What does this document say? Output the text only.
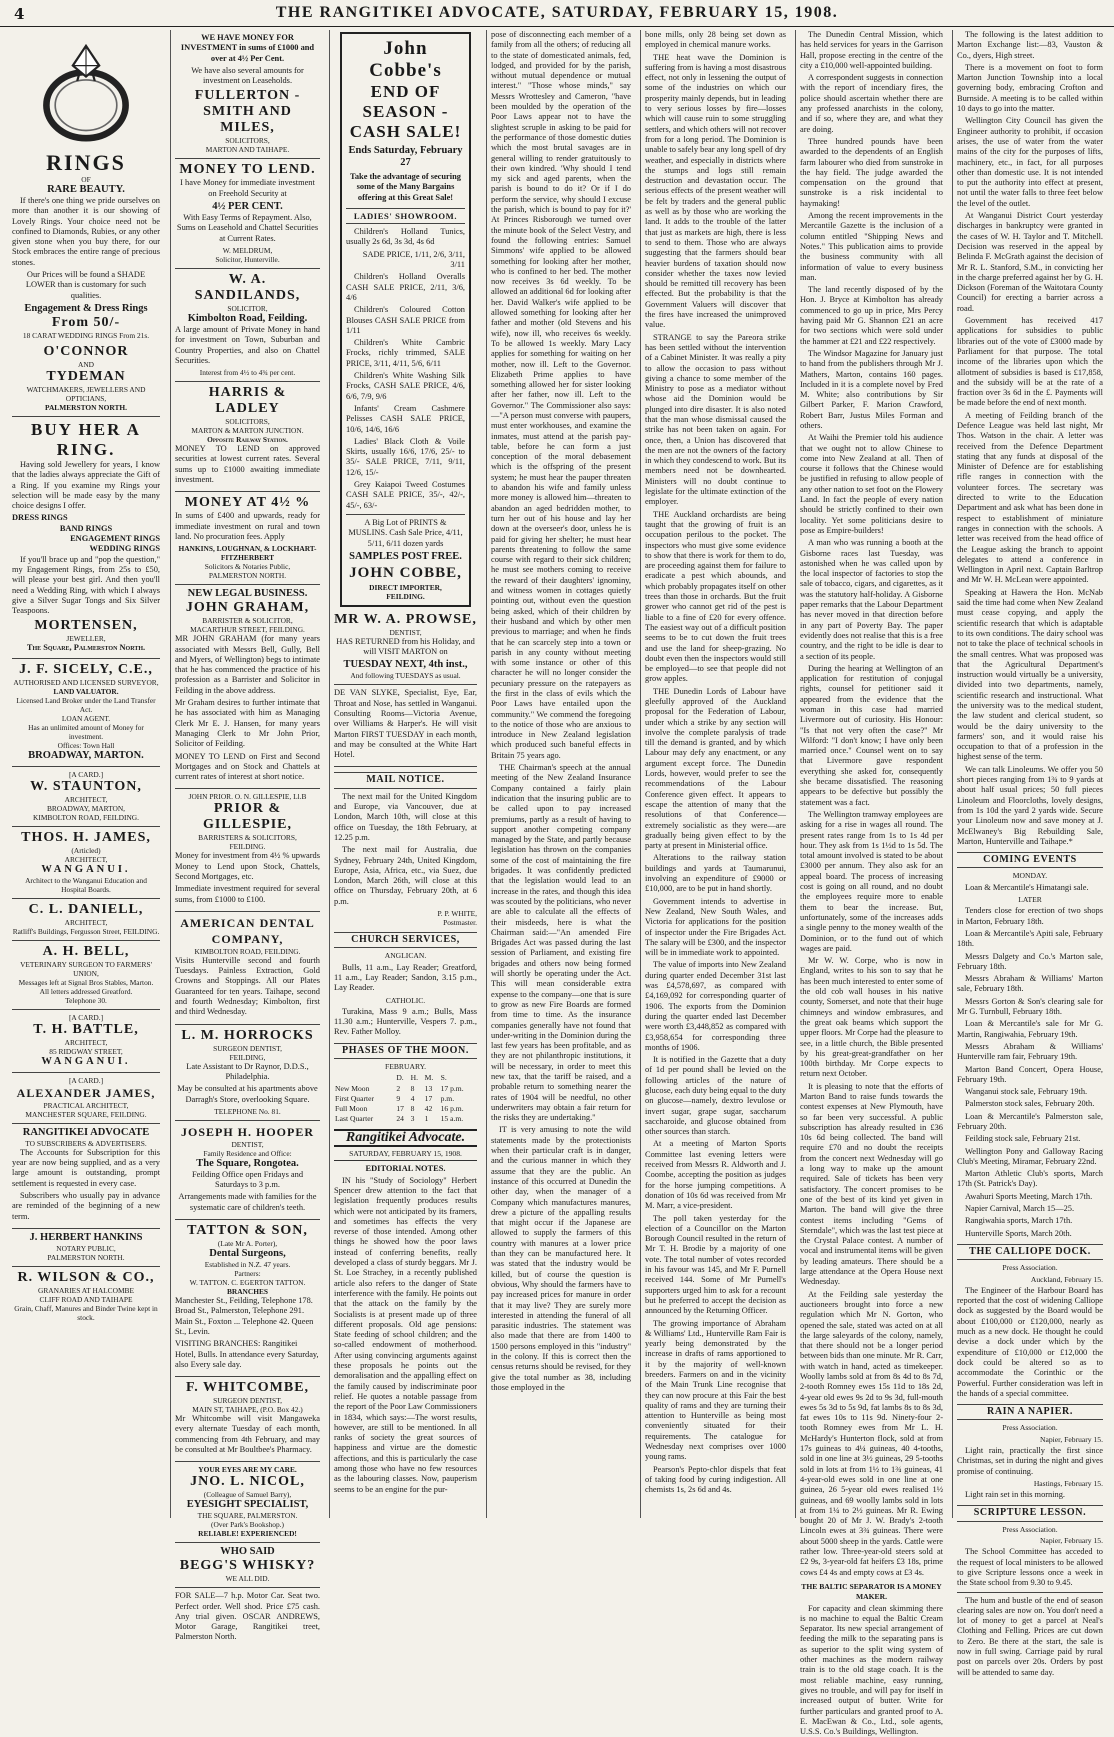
4	THE RANGITIKEI ADVOCATE, SATURDAY, FEBRUARY 15, 1908.
RINGS
OF
RARE BEAUTY.

If there's one thing we pride ourselves on more than another it is our showing of Lovely Rings. Your choice need not be confined to Diamonds, Rubies, or any other given stone when you buy there, for our Stock embraces the entire range of precious stones.

Our Prices will be found a SHADE LOWER than is customary for such qualities.

Engagement & Dress Rings
From 50/-
18 CARAT WEDDING RINGS From 21s.
O'CONNOR
AND
TYDEMAN
WATCHMAKERS, JEWELLERS AND OPTICIANS,
PALMERSTON NORTH.
BUY HER A RING.

Having sold Jewellery for years, I know that the ladies always appreciate the Gift of a Ring. If you examine my Rings your selection will be made easy by the many choice designs I offer.

DRESS RINGS
BAND RINGS
ENGAGEMENT RINGS
WEDDING RINGS

If you'll brace up and "pop the question," my Engagement Rings, from 25s to £50, will please your best girl. And then you'll need a Wedding Ring, with which I always give a Silver Sugar Tongs and Six Silver Teaspoons.

MORTENSEN,
JEWELLER,
The Square, Palmerston North.
J. F. SICELY, C.E.,
AUTHORISED AND LICENSED SURVEYOR,
LAND VALUATOR.
Licensed Land Broker under the Land Transfer Act.
LOAN AGENT.
Has an unlimited amount of Money for investment.
Offices: Town Hall
BROADWAY, MARTON.
[A CARD.]
W. STAUNTON,
ARCHITECT,
BROADWAY, MARTON,
KIMBOLTON ROAD, FEILDING.
THOS. H. JAMES,
(Articled)
ARCHITECT,
WANGANUI.
Architect to the Wanganui Education and Hospital Boards.
C. L. DANIELL,
ARCHITECT,
Ratliff's Buildings, Fergusson Street, FEILDING.
A. H. BELL,
VETERINARY SURGEON TO FARMERS' UNION,
Messages left at Signal Bros Stables, Marton.
All letters addressed Greatford.
Telephone 30.
[A CARD.]
T. H. BATTLE,
ARCHITECT,
85 RIDGWAY STREET,
WANGANUI.
[A CARD.]
ALEXANDER JAMES,
PRACTICAL ARCHITECT,
MANCHESTER SQUARE, FEILDING.
RANGITIKEI ADVOCATE
TO SUBSCRIBERS & ADVERTISERS.

The Accounts for Subscription for this year are now being supplied, and as a very large amount is outstanding, prompt settlement is requested in every case.

Subscribers who usually pay in advance are reminded of the beginning of a new term.

J. HERBERT HANKINS
NOTARY PUBLIC,
PALMERSTON NORTH.
R. WILSON & CO.,
GRANARIES AT HALCOMBE
CLIFF ROAD AND TAIHAPE
Grain, Chaff, Manures and Binder Twine kept in stock.

WE HAVE MONEY FOR INVESTMENT in sums of £1000 and over at 4½ Per Cent.

We have also several amounts for investment on Leaseholds.

FULLERTON - SMITH AND MILES,
SOLICITORS,
MARTON AND TAIHAPE.
MONEY TO LEND.

I have Money for immediate investment on Freehold Security at

4½ PER CENT.

With Easy Terms of Repayment. Also, Sums on Leasehold and Chattel Securities at Current Rates.

W. MELDRUM,
Solicitor, Hunterville.
W. A. SANDILANDS,
SOLICITOR,
Kimbolton Road, Feilding.

A large amount of Private Money in hand for investment on Town, Suburban and Country Properties, and also on Chattel Securities.

Interest from 4½ to 4¾ per cent.
HARRIS & LADLEY
SOLICITORS,
MARTON & MARTON JUNCTION.
Opposite Railway Station.

MONEY TO LEND on approved securities at lowest current rates. Several sums up to £1000 awaiting immediate investment.

MONEY AT 4½ %

In sums of £400 and upwards, ready for immediate investment on rural and town land. No procuration fees. Apply

HANKINS, LOUGHNAN, & LOCKHART-FITZHERBERT
Solicitors & Notaries Public,
PALMERSTON NORTH.
NEW LEGAL BUSINESS.
JOHN GRAHAM,
BARRISTER & SOLICITOR,
MACARTHUR STREET, FEILDING.

MR JOHN GRAHAM (for many years associated with Messrs Bell, Gully, Bell and Myers, of Wellington) begs to intimate that he has commenced the practice of his profession as a Barrister and Solicitor in Feilding in the above address.

Mr Graham desires to further intimate that he has associated with him as Managing Clerk Mr E. J. Hansen, for many years Managing Clerk to Mr John Prior, Solicitor of Feilding.

MONEY TO LEND on First and Second Mortgages and on Stock and Chattels at current rates of interest at short notice.

JOHN PRIOR. O. N. GILLESPIE, Ll.B
PRIOR & GILLESPIE,
BARRISTERS & SOLICITORS,
FEILDING.

Money for investment from 4½ % upwards Money to Lend upon Stock, Chattels, Second Mortgages, etc.

Immediate investment required for several sums, from £1000 to £100.

AMERICAN DENTAL COMPANY,
KIMBOLTON ROAD, FEILDING.

Visits Hunterville second and fourth Tuesdays. Painless Extraction, Gold Crowns and Stoppings. All our Plates Guaranteed for ten years. Taihape, second and fourth Wednesday; Kimbolton, first and third Wednesday.

L. M. HORROCKS
SURGEON DENTIST,
FEILDING,

Late Assistant to Dr Raynor, D.D.S., Philadelphia.

May be consulted at his apartments above Darragh's Store, overlooking Square.

TELEPHONE No. 81.
JOSEPH H. HOOPER
DENTIST,
Family Residence and Office:
The Square, Rongotea.

Feilding Office open Fridays and Saturdays to 3 p.m.

Arrangements made with families for the systematic care of children's teeth.

TATTON & SON,
(Late Mr A. Porter),
Dental Surgeons,
Established in N.Z. 47 years.
Partners:
W. TATTON. C. EGERTON TATTON.
BRANCHES

Manchester St., Feilding, Telephone 178. Broad St., Palmerston, Telephone 291. Main St., Foxton ... Telephone 42. Queen St., Levin.

VISITING BRANCHES: Rangitikei Hotel, Bulls. In attendance every Saturday, also Every sale day.

F. WHITCOMBE,
SURGEON DENTIST,
MAIN ST, TAIHAPE, (P.O. Box 42.)

Mr Whitcombe will visit Mangaweka every alternate Tuesday of each month, commencing from 4th February, and may be consulted at Mr Boultbee's Pharmacy.

YOUR EYES ARE MY CARE.
JNO. L. NICOL,
(Colleague of Samuel Barry),
EYESIGHT SPECIALIST,
THE SQUARE, PALMERSTON.
(Over Park's Bookshop.)
RELIABLE! EXPERIENCED!
WHO SAID
BEGG'S WHISKY?
WE ALL DID.

FOR SALE—7 h.p. Motor Car. Seat two. Perfect order. Well shod. Price £75 cash. Any trial given. OSCAR ANDREWS, Motor Garage, Rangitikei treet, Palmerston North.

John Cobbe's
END OF
SEASON -
CASH SALE!
Ends Saturday, February 27

Take the advantage of securing some of the Many Bargains offering at this Great Sale!

LADIES' SHOWROOM.

Children's Holland Tunics, usually 2s 6d, 3s 3d, 4s 6d

SADE PRICE, 1/11, 2/6, 3/11, 3/11

Children's Holland Overalls CASH SALE PRICE, 2/11, 3/6, 4/6

Children's Coloured Cotton Blouses CASH SALE PRICE from 1/11

Children's White Cambric Frocks, richly trimmed, SALE PRICE, 3/11, 4/11, 5/6, 6/11

Children's White Washing Silk Frocks, CASH SALE PRICE, 4/6, 6/6, 7/9, 9/6

Infants' Cream Cashmere Pelisses CASH SALE PRICE, 10/6, 14/6, 16/6

Ladies' Black Cloth & Voile Skirts, usually 16/6, 17/6, 25/- to 35/- SALE PRICE, 7/11, 9/11, 12/6, 15/-

Grey Kaiapoi Tweed Costumes CASH SALE PRICE, 35/-, 42/-, 45/-, 63/-

A Big Lot of PRINTS & MUSLINS. Cash Sale Price, 4/11, 5/11, 6/11 dozen yards

SAMPLES POST FREE.
JOHN COBBE,
DIRECT IMPORTER,
FEILDING.
MR W. A. PROWSE,
DENTIST,

HAS RETURNED from his Holiday, and will VISIT MARTON on

TUESDAY NEXT, 4th inst.,
And following TUESDAYS as usual.

DE VAN SLYKE, Specialist, Eye, Ear, Throat and Nose, has settled in Wanganui. Consulting Rooms—Victoria Avenue, over Williams & Harper's. He will visit Marton FIRST TUESDAY in each month, and may be consulted at the White Hart Hotel.

MAIL NOTICE.

The next mail for the United Kingdom and Europe, via Vancouver, due at London, March 10th, will close at this office on Tuesday, the 18th February, at 12.25 p.m.

The next mail for Australia, due Sydney, February 24th, United Kingdom, Europe, Asia, Africa, etc., via Suez, due London, March 26th, will close at this office on Thursday, February 20th, at 6 p.m.

P. P. WHITE,
Postmaster.
CHURCH SERVICES,
ANGLICAN.

Bulls, 11 a.m., Lay Reader; Greatford, 11 a.m., Lay Reader; Sandon, 3.15 p.m., Lay Reader.

CATHOLIC.

Turakina, Mass 9 a.m.; Bulls, Mass 11.30 a.m.; Hunterville, Vespers 7. p.m., Rev. Father Molloy.

PHASES OF THE MOON.
FEBRUARY.
	D.	H.	M.	S.
New Moon	2	8	13	17 p.m.
First Quarter	9	4	17	p.m.
Full Moon	17	8	42	16 p.m.
Last Quarter	24	3	1	15 a.m.
Rangitikei Advocate.
SATURDAY, FEBRUARY 15, 1908.
EDITORIAL NOTES.

IN his "Study of Sociology" Herbert Spencer drew attention to the fact that legislation frequently produces results which were not anticipated by its framers, and sometimes has effects the very reverse of those intended. Among other things he showed how the poor laws instead of conferring benefits, really developed a class of sturdy beggars. Mr J. St. Loe Strachey, in a recently published article also refers to the danger of State interference with the family. He points out that the attack on the family by the Socialists is at present made up of three different proposals. Old age pensions: State feeding of school children; and the so-called endowment of motherhood. After using convincing arguments against these proposals he points out the demoralisation and the appalling effect on the family caused by indiscriminate poor relief. He quotes a notable passage from the report of the Poor Law Commissioners in 1834, which says:—The worst results, however, are still to be mentioned. In all ranks of society the great sources of happiness and virtue are the domestic affections, and this is particularly the case among those who have no few resources as the labouring classes. Now, pauperism seems to be an engine for the pur-

pose of disconnecting each member of a family from all the others; of reducing all to the state of domesticated animals, fed, lodged, and provided for by the parish, without mutual dependence or mutual interest." "Those whose minds," say Messrs Wrottesley and Cameron, "have been moulded by the operation of the Poor Laws appear not to have the slightest scruple in asking to be paid for the performance of those domestic duties which the most brutal savages are in general willing to render gratuitously to their own kindred. 'Why should I tend my sick and aged parents, when the parish is bound to do it? Or if I do perform the service, why should I excuse the parish, which is bound to pay for it?' At Princes Risborough we turned over the minute book of the Select Vestry, and found the following entries: Samuel Simmons' wife applied to be allowed something for looking after her mother, who is confined to her bed. The mother now receives 3s 6d weekly. To be allowed an additional 6d for looking after her. David Walker's wife applied to be allowed something for looking after her father and mother (old Stevens and his wife), now ill, who receives 6s weekly. To be allowed 1s weekly. Mary Lacy applies for something for waiting on her mother, now ill. Left to the Governor. Elizabeth Prime applies to have something allowed her for sister looking after her father, now ill. Left to the Governor." The Commissioner also says:—"A person must converse with paupers, must enter workhouses, and examine the inmates, must attend at the parish pay-table, before he can form a just conception of the moral debasement which is the offspring of the present system; he must hear the pauper threaten to abandon his wife and family unless more money is allowed him—threaten to abandon an aged bedridden mother, to turn her out of his house and lay her down at the overseer's door, unless he is paid for giving her shelter; he must hear parents threatening to follow the same course with regard to their sick children; he must see mothers coming to receive the reward of their daughters' ignominy, and witness women in cottages quietly pointing out, without even the question being asked, which of their children by their husband and which by other men previous to marriage; and when he finds that he can scarcely step into a town or parish in any county without meeting with some instance or other of this character he will no longer consider the pecuniary pressure on the ratepayers as the first in the class of evils which the Poor Laws have entailed upon the community." We commend the foregoing to the notice of those who are anxious to introduce in New Zealand legislation which produced such baneful effects in Britain 75 years ago.

THE Chairman's speech at the annual meeting of the New Zealand Insurance Company contained a fairly plain indication that the insuring public are to be called upon to pay increased premiums, partly as a result of having to support another competing company managed by the State, and partly because legislation has thrown on the companies some of the cost of maintaining the fire brigades. It was confidently predicted that the legislation would lead to an increase in the rates, and though this idea was scouted by the politicians, who never are able to calculate all the effects of their misdeeds, here is what the Chairman said:—"An amended Fire Brigades Act was passed during the last session of Parliament, and existing fire brigades and others now being formed will shortly be operating under the Act. This will mean considerable extra expense to the company—one that is sure to grow as new Fire Boards are formed from time to time. As the insurance companies generally have not found that under-writing in the Dominion during the last few years has been profitable, and as they are not philanthropic institutions, it will be necessary, in order to meet this new tax, that the tariff be raised, and a probable return to something nearer the rates of 1904 will be needful, no other underwriters may obtain a fair return for the risks they are undertaking."

IT is very amusing to note the wild statements made by the protectionists when their particular craft is in danger, and the curious manner in which they assume that they are the public. An instance of this occurred at Dunedin the other day, when the manager of a Company which manufactures manures, drew a picture of the appalling results that might occur if the Japanese are allowed to supply the farmers of this country with manures at a lower price than they can be manufactured here. It was stated that the industry would be killed, but of course the question is obvious, Why should the farmers have to pay increased prices for manure in order that it may live? They are surely more interested in attending the funeral of all parasitic industries. The statement was also made that there are from 1400 to 1500 persons employed in this "industry" in the colony. If this is correct then the census returns should be revised, for they give the total number as 38, including those employed in the

bone mills, only 28 being set down as employed in chemical manure works.

THE heat wave the Dominion is suffering from is having a most disastrous effect, not only in lessening the output of some of the industries on which our prosperity mainly depends, but in leading to very serious losses by fire—losses which will cause ruin to some struggling settlers, and which others will not recover from for a long period. The Dominion is unable to safely bear any long spell of dry weather, and especially in districts where the stumps and logs still remain destruction and devastation occur. The serious effects of the present weather will be felt by traders and the general public as well as by those who are working the land. It adds to the trouble of the latter that just as markets are high, there is less to send to them. Those who are always suggesting that the farmers should bear heavier burdens of taxation should now consider whether the taxes now levied should be remitted till recovery has been effected. But the probability is that the Government Valuers will discover that the fires have increased the unimproved value.

STRANGE to say the Pareora strike has been settled without the intervention of a Cabinet Minister. It was really a pity to allow the occasion to pass without giving a chance to some member of the Ministry to pose as a mediator without whose aid the Dominion would be plunged into dire disaster. It is also noted that the man whose dismissal caused the strike has not been taken on again. For once, then, a Union has discovered that the men are not the owners of the factory in which they condescend to work. But its members need not be downhearted. Ministers will no doubt continue to legislate for the ultimate extinction of the employer.

THE Auckland orchardists are being taught that the growing of fruit is an occupation perilous to the pocket. The inspectors who must give some evidence to show that there is work for them to do, are proceeding against them for failure to eradicate a pest which abounds, and which probably propagates itself on other trees than those in orchards. But the fruit grower who cannot get rid of the pest is liable to a fine of £20 for every offence. The easiest way out of a difficult position seems to be to cut down the fruit trees and use the land for sheep-grazing. No doubt even then the inspectors would still be employed—to see that people did not grow apples.

THE Dunedin Lords of Labour have gleefully approved of the Auckland proposal for the Federation of Labour, under which a strike by any section will involve the complete paralysis of trade till the demand is granted, and by which Labour may defy any enactment, or any argument except force. The Dunedin Lords, however, would prefer to see the recommendations of the Labour Conference given effect. It appears to escape the attention of many that the resolutions of that Conference—extremely socialistic as they were—are gradually being given effect to by the party at present in Ministerial office.

Alterations to the railway station buildings and yards at Taumarunui, involving an expenditure of £9000 or £10,000, are to be put in hand shortly.

Government intends to advertise in New Zealand, New South Wales, and Victoria for applications for the position of inspector under the Fire Brigades Act. The salary will be £300, and the inspector will be in immediate work to appointed.

The value of imports into New Zealand during quarter ended December 31st last was £4,578,697, as compared with £4,169,092 for corresponding quarter of 1906. The exports from the Dominion during the quarter ended last December were worth £3,448,852 as compared with £3,958,654 for corresponding three months of 1906.

It is notified in the Gazette that a duty of 1d per pound shall be levied on the following articles of the nature of glucose, each duty being equal to the duty on glucose—namely, dextro levulose or invert sugar, grape sugar, saccharum saccharoide, and glucose obtained from other sources than starch.

At a meeting of Marton Sports Committee last evening letters were received from Messrs R. Aldworth and J. Coombe, accepting the position as judges for the horse jumping competitions. A donation of 10s 6d was received from Mr M. Marr, a vice-president.

The poll taken yesterday for the election of a Councillor on the Marton Borough Council resulted in the return of Mr T. H. Brodie by a majority of one vote. The total number of votes recorded in his favour was 145, and Mr F. Purnell received 144. Some of Mr Purnell's supporters urged him to ask for a recount but he preferred to accept the decision as announced by the Returning Officer.

The growing importance of Abraham & Williams' Ltd., Hunterville Ram Fair is yearly being demonstrated by the increase in drafts of rams apportioned to it by the majority of well-known breeders. Farmers on and in the vicinity of the Main Trunk Line recognise that they can now procure at this Fair the best quality of rams and they are turning their attention to Hunterville as being most conveniently situated for their requirements. The catalogue for Wednesday next comprises over 1000 young rams.

Pearson's Pepto-chlor dispels that feat of taking food by curing indigestion. All chemists 1s, 2s 6d and 4s.

The Dunedin Central Mission, which has held services for years in the Garrison Hall, propose erecting in the centre of the city a £10,000 well-appointed building.

A correspondent suggests in connection with the report of incendiary fires, the police should ascertain whether there are any professed anarchists in the colony, and if so, where they are, and what they are doing.

Three hundred pounds have been awarded to the dependents of an English farm labourer who died from sunstroke in the hay field. The judge awarded the compensation on the ground that sunstroke is a risk incidental to haymaking!

Among the recent improvements in the Mercantile Gazette is the inclusion of a column entitled "Shipping News and Notes." This publication aims to provide the business community with all information of value to every business man.

The land recently disposed of by the Hon. J. Bryce at Kimbolton has already commenced to go up in price, Mrs Percy having paid Mr G. Shannon £21 an acre for two sections which were sold under the hammer at £21 and £22 respectively.

The Windsor Magazine for January just to hand from the publishers through Mr J. Mathers, Marton, contains 160 pages. Included in it is a complete novel by Fred M. White; also contributions by Sir Gilbert Parker, F. Marion Crawford, Robert Barr, Justus Miles Forman and others.

At Waihi the Premier told his audience that we ought not to allow Chinese to come into New Zealand at all. Then of course it follows that the Chinese would be justified in refusing to allow people of any other nation to set foot on the Flowery Land. In fact the people of every nation should be strictly confined to their own locality. Yet some politicians desire to pose as Empire-builders!

A man who was running a booth at the Gisborne races last Tuesday, was astonished when he was called upon by the local inspector of factories to stop the sale of tobacco, cigars, and cigarettes, as it was the statutory half-holiday. A Gisborne paper remarks that the Labour Department has never moved in that direction before in any part of Poverty Bay. The paper evidently does not realise that this is a free country, and the right to be idle is dear to a section of its people.

During the hearing at Wellington of an application for restitution of conjugal rights, counsel for petitioner said it appeared from the evidence that the woman in this case had married Livermore out of curiosity. His Honour: "Is that not very often the case?" Mr Wilford: "I don't know; I have only been married once." Counsel went on to say that Livermore gave respondent everything she asked for, consequently she became dissatisfied. The reasoning appears to be defective but possibly the statement was a fact.

The Wellington tramway employees are asking for a rise in wages all round. The present rates range from 1s to 1s 4d per hour. They ask from 1s 1½d to 1s 5d. The total amount involved is stated to be about £3000 per annum. They also ask for an appeal board. The process of increasing cost is going on all round, and no doubt the employees require more to enable them to bear the increase. But, unfortunately, some of the increases adds a single penny to the money wealth of the Dominion, or to the fund out of which wages are paid.

Mr W. W. Corpe, who is now in England, writes to his son to say that he has been much interested to enter some of the old cob wall houses in his native county, Somerset, and note that their huge chimneys and window embrasures, and the great oak beams which support the upper floors. Mr Corpe had the pleasure to see, in a little church, the Bible presented by his great-great-grandfather on her 100th birthday. Mr Corpe expects to return next October.

It is pleasing to note that the efforts of Marton Band to raise funds towards the contest expenses at New Plymouth, have so far been very successful. A public subscription has already resulted in £36 10s 6d being collected. The band will require £70 and no doubt the receipts from the concert next Wednesday will go a long way to make up the amount required. Sale of tickets has been very satisfactory. The concert promises to be one of the best of its kind yet given in Marton. The band will give the three contest items including "Gems of Sterndale", which was the last test piece at the Crystal Palace contest. A number of vocal and instrumental items will be given by leading amateurs. There should be a large attendance at the Opera House next Wednesday.

At the Feilding sale yesterday the auctioneers brought into force a new regulation which Mr N. Gorton, who opened the sale, stated was acted on at all the large saleyards of the colony, namely, that there should not be a longer period between bids than one minute. Mr R. Carr, with watch in hand, acted as timekeeper. Woolly lambs sold at from 8s 4d to 8s 7d, 2-tooth Romney ewes 15s 11d to 18s 2d, 4-year old ewes 9s 2d to 9s 3d, full-mouth ewes 5s 3d to 5s 9d, fat lambs 8s to 8s 3d, fat ewes 10s to 11s 9d. Ninety-four 2-tooth Romney ewes from Mr L. H. McHardy's Hunterton flock, sold at from 17s guineas to 4¼ guineas, 40 4-tooths, sold in one line at 3½ guineas, 29 5-tooths sold in lots at from 1½ to 1¾ guineas, 41 4-year-old ewes sold in one line at one guinea, 26 5-year old ewes realised 1½ guineas, and 69 woolly lambs sold in lots at from 1¼ to 2½ guineas. Mr R. Ewing bought 20 of Mr J. W. Brady's 2-tooth Lincoln ewes at 3¾ guineas. There were about 5000 sheep in the yards. Cattle were rather low. Three-year-old steers sold at £2 9s, 3-year-old fat heifers £3 18s, prime cows £4 4s and empty cows at £3 4s.

THE BALTIC SEPARATOR IS A MONEY MAKER.

For capacity and clean skimming there is no machine to equal the Baltic Cream Separator. Its new special arrangement of feeding the milk to the separating pans is as superior to the split wing system of other machines as the modern railway train is to the old stage coach. It is the most reliable machine, easy running, gives no trouble, and will pay for itself in increased output of butter. Write for further particulars and granted proof to A. E. MacEwan & Co., Ltd., sole agents, U.S.S. Co.'s Buildings, Wellington.

The following is the latest addition to Marton Exchange list:—83, Vauston & Co., dyers, High street.

There is a movement on foot to form Marton Junction Township into a local governing body, embracing Crofton and Burnside. A meeting is to be called within 10 days to go into the matter.

Wellington City Council has given the Engineer authority to prohibit, if occasion arises, the use of water from the water mains of the city for the purposes of lifts, machinery, etc., in fact, for all purposes other than domestic use. It is not intended to put the authority into effect at present, not until the water falls to three feet below the level of the outlet.

At Wanganui District Court yesterday discharges in bankruptcy were granted in the cases of W. H. Taylor and T. Mitchell. Decision was reserved in the appeal by Belinda F. McGrath against the decision of Mr R. L. Stanford, S.M., in convicting her in the charge preferred against her by G. H. Dickson (Foreman of the Waitotara County Council) for erecting a barrier across a road.

Government has received 417 applications for subsidies to public libraries out of the vote of £3000 made by Parliament for that purpose. The total income of the libraries upon which the allotment of subsidies is based is £17,858, and the subsidy will be at the rate of a fraction over 3s 6d in the £. Payments will be made before the end of next month.

A meeting of Feilding branch of the Defence League was held last night, Mr Thos. Watson in the chair. A letter was received from the Defence Department stating that any funds at disposal of the Minister of Defence are for establishing rifle ranges in connection with the volunteer forces. The secretary was directed to write to the Education Department and ask what has been done in respect to establishment of miniature ranges in connection with the schools. A letter was received from the head office of the League asking the branch to appoint delegates to attend a conference in Wellington in April next. Captain Barltrop and Mr W. H. McLean were appointed.

Speaking at Hawera the Hon. McNab said the time had come when New Zealand must cease copying, and apply the scientific research that which is adaptable to its own conditions. The dairy school was not to take the place of technical schools in the small centres. What was proposed was that the Agricultural Department's instruction would virtually be a university, divided into two departments, namely, scientific research and instructional. What the university was to the medical student, the law student and clerical student, so would be the dairy university to the farmers' son, and it would raise his occupation to that of a profession in the highest sense of the term.

We can talk Linoleums. We offer you 50 short pieces ranging from 1¾ to 9 yards at about half usual prices; 50 full pieces Linoleum and Floorcloths, lovely designs, from 1s 10d the yard 2 yards wide. Secure your Linoleum now and save money at J. McElwaney's Big Rebuilding Sale, Marton, Hunterville and Taihape.*

COMING EVENTS
MONDAY.

Loan & Mercantile's Himatangi sale.

LATER

Tenders close for erection of two shops in Marton, February 18th.

Loan & Mercantile's Apiti sale, February 18th.

Messrs Dalgety and Co.'s Marton sale, February 18th.

Messrs Abraham & Williams' Marton sale, February 18th.

Messrs Gorton & Son's clearing sale for Mr G. Turnbull, February 18th.

Loan & Mercantile's sale for Mr G. Martin, Rangiwahia, February 19th.

Messrs Abraham & Williams' Hunterville ram fair, February 19th.

Marton Band Concert, Opera House, February 19th.

Wanganui stock sale, February 19th.

Palmerston stock sales, February 20th.

Loan & Mercantile's Palmerston sale, February 20th.

Feilding stock sale, February 21st.

Wellington Pony and Galloway Racing Club's Meeting, Miramar, February 22nd.

Marton Athletic Club's sports, March 17th (St. Patrick's Day).

Awahuri Sports Meeting, March 17th.

Napier Carnival, March 15—25.

Rangiwahia sports, March 17th.

Hunterville Sports, March 20th.

THE CALLIOPE DOCK.
Press Association.
Auckland, February 15.

The Engineer of the Harbour Board has reported that the cost of widening Calliope dock as suggested by the Board would be about £100,000 or £120,000, nearly as much as a new dock. He thought he could devise a dock under which by the expenditure of £10,000 or £12,000 the dock could be altered so as to accommodate the Corinthic or the Powerful. Further consideration was left in the hands of a special committee.

RAIN A NAPIER.
Press Association.
Napier, February 15.

Light rain, practically the first since Christmas, set in during the night and gives promise of continuing.

Hastings, February 15.

Light rain set in this morning.

SCRIPTURE LESSON.
Press Association.
Napier, February 15.

The School Committee has acceded to the request of local ministers to be allowed to give Scripture lessons once a week in the State school from 9.30 to 9.45.

The hum and bustle of the end of season clearing sales are now on. You don't need a lot of money to get a parcel at Neal's Clothing and Felling. Prices are cut down to Zero. Be there at the start, the sale is now in full swing. Carriage paid by rural post on parcels over 20s. Orders by post will be attended to same day.
